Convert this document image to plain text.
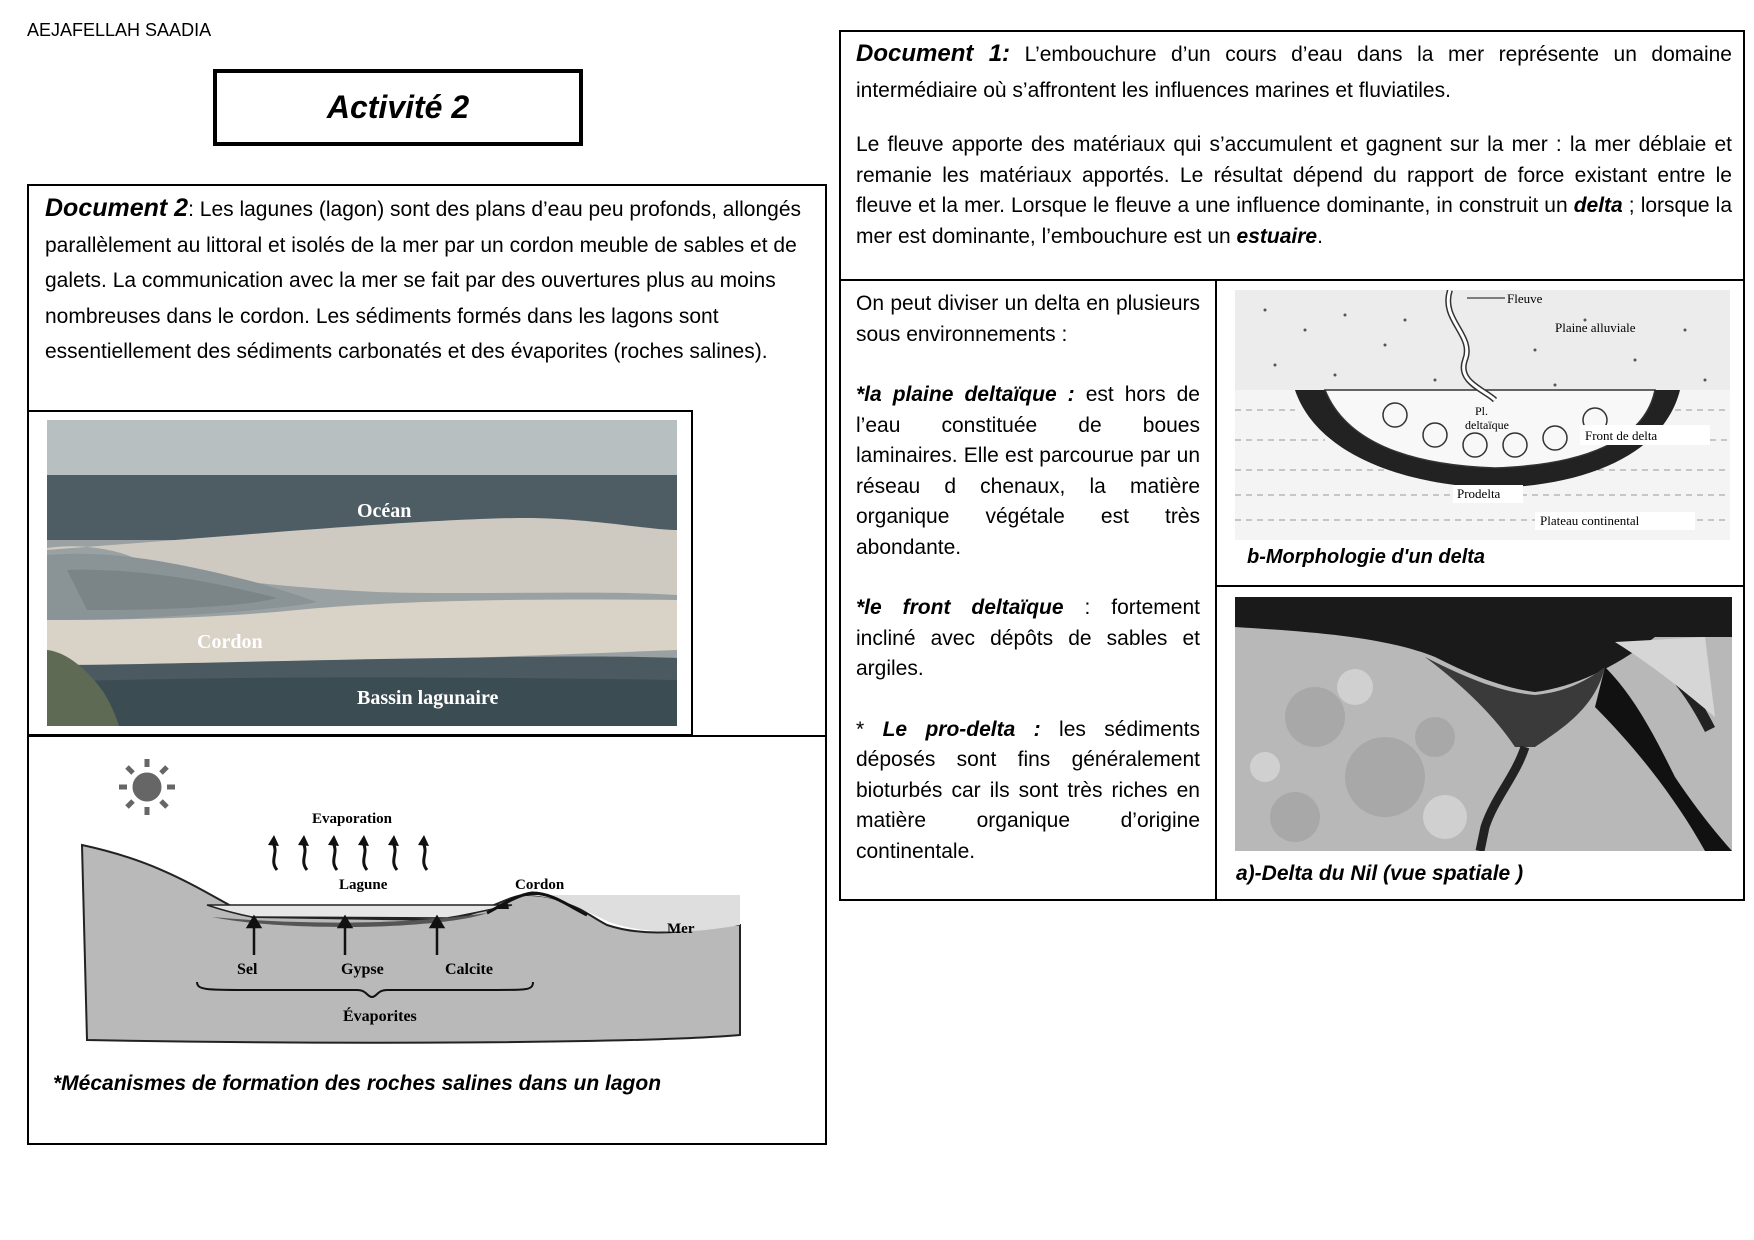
AEJAFELLAH SAADIA
Activité 2
Document 2: Les lagunes (lagon) sont des plans d’eau peu profonds, allongés parallèlement au littoral et isolés de la mer par un cordon meuble de sables et de galets. La communication avec la mer se fait par des ouvertures plus au moins nombreuses dans le cordon. Les sédiments formés dans les lagons sont essentiellement des sédiments carbonatés et des évaporites (roches salines).
Océan
Cordon
Bassin lagunaire
Evaporation
Lagune	Cordon
Mer
Sel	Gypse	Calcite
Évaporites
*Mécanismes de formation des roches salines dans un lagon
Document 1: L’embouchure d’un cours d’eau dans la mer représente un domaine intermédiaire où s’affrontent les influences marines et fluviatiles.
Le fleuve apporte des matériaux qui s’accumulent et gagnent sur la mer : la mer déblaie et remanie les matériaux apportés. Le résultat dépend du rapport de force existant entre le fleuve et la mer. Lorsque le fleuve a une influence dominante, in construit un delta ; lorsque la mer est dominante, l’embouchure est un estuaire.

On peut diviser un delta en plusieurs sous environnements :

*la plaine deltaïque : est hors de l’eau constituée de boues laminaires. Elle est parcourue par un réseau d chenaux, la matière organique végétale est très abondante.

*le front deltaïque : fortement incliné avec dépôts de sables et argiles.

* Le pro-delta : les sédiments déposés sont fins généralement bioturbés car ils sont très riches en matière organique d’origine continentale.

Fleuve
Plaine alluviale
Pl.
deltaïque
Front de delta
Prodelta
Plateau continental
b-Morphologie d'un delta
a)-Delta du Nil (vue spatiale )
